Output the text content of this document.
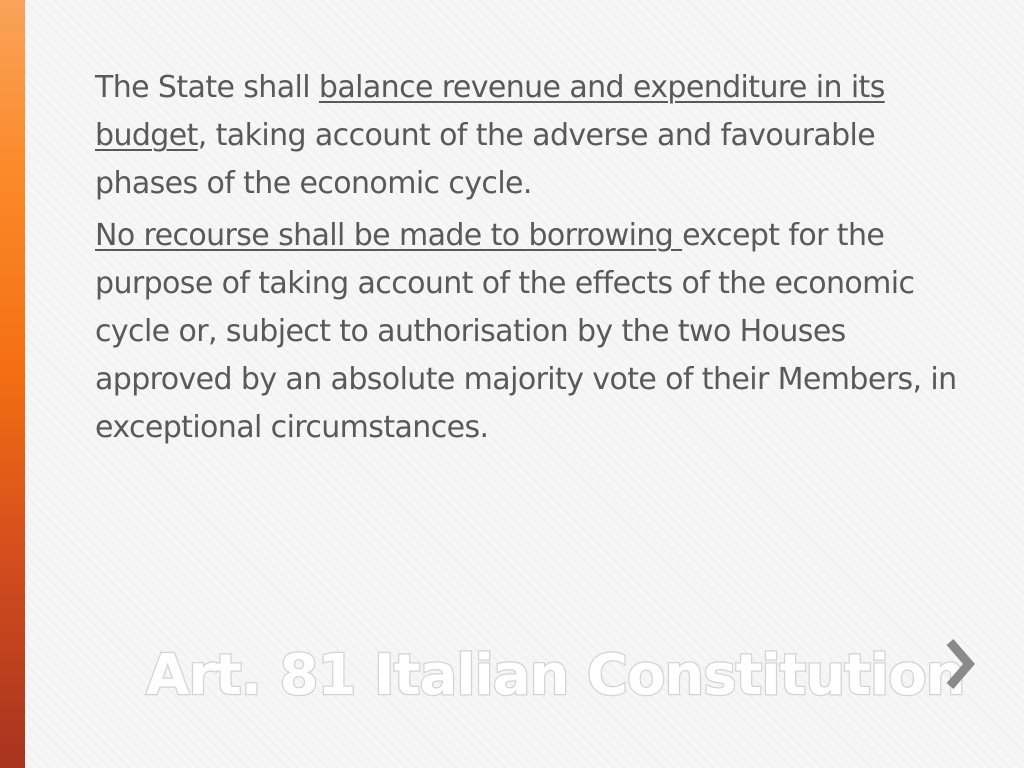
The State shall balance revenue and expenditure in its budget, taking account of the adverse and favourable phases of the economic cycle.

No recourse shall be made to borrowing except for the purpose of taking account of the effects of the economic cycle or, subject to authorisation by the two Houses approved by an absolute majority vote of their Members, in exceptional circumstances.

Art. 81 Italian Constitution
